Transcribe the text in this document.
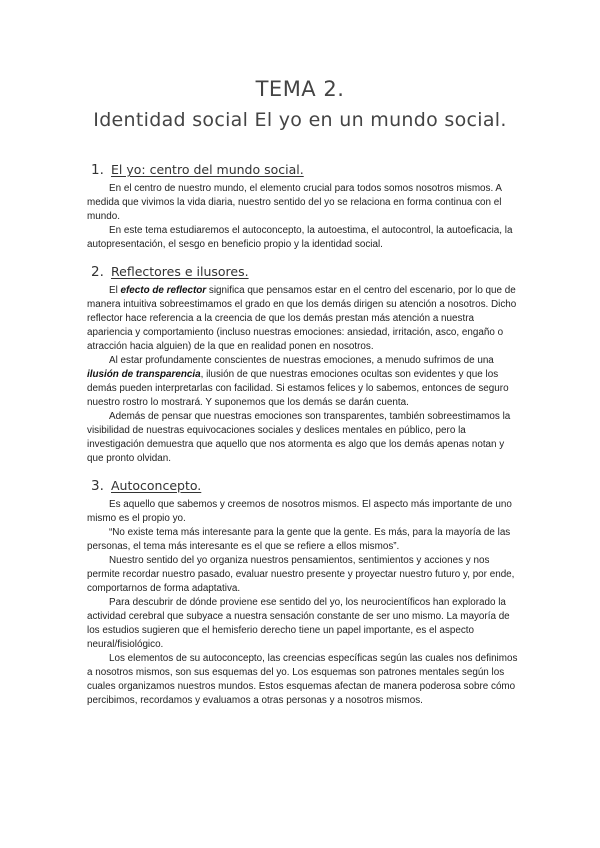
TEMA 2.
Identidad social El yo en un mundo social.
1. El yo: centro del mundo social.

En el centro de nuestro mundo, el elemento crucial para todos somos nosotros mismos. A medida que vivimos la vida diaria, nuestro sentido del yo se relaciona en forma continua con el mundo.

En este tema estudiaremos el autoconcepto, la autoestima, el autocontrol, la autoeficacia, la autopresentación, el sesgo en beneficio propio y la identidad social.

2. Reflectores e ilusores.

El efecto de reflector significa que pensamos estar en el centro del escenario, por lo que de manera intuitiva sobreestimamos el grado en que los demás dirigen su atención a nosotros. Dicho reflector hace referencia a la creencia de que los demás prestan más atención a nuestra apariencia y comportamiento (incluso nuestras emociones: ansiedad, irritación, asco, engaño o atracción hacia alguien) de la que en realidad ponen en nosotros.

Al estar profundamente conscientes de nuestras emociones, a menudo sufrimos de una ilusión de transparencia, ilusión de que nuestras emociones ocultas son evidentes y que los demás pueden interpretarlas con facilidad. Si estamos felices y lo sabemos, entonces de seguro nuestro rostro lo mostrará. Y suponemos que los demás se darán cuenta.

Además de pensar que nuestras emociones son transparentes, también sobreestimamos la visibilidad de nuestras equivocaciones sociales y deslices mentales en público, pero la investigación demuestra que aquello que nos atormenta es algo que los demás apenas notan y que pronto olvidan.

3. Autoconcepto.

Es aquello que sabemos y creemos de nosotros mismos. El aspecto más importante de uno mismo es el propio yo.

“No existe tema más interesante para la gente que la gente. Es más, para la mayoría de las personas, el tema más interesante es el que se refiere a ellos mismos”.

Nuestro sentido del yo organiza nuestros pensamientos, sentimientos y acciones y nos permite recordar nuestro pasado, evaluar nuestro presente y proyectar nuestro futuro y, por ende, comportarnos de forma adaptativa.

Para descubrir de dónde proviene ese sentido del yo, los neurocientíficos han explorado la actividad cerebral que subyace a nuestra sensación constante de ser uno mismo. La mayoría de los estudios sugieren que el hemisferio derecho tiene un papel importante, es el aspecto neural/fisiológico.

Los elementos de su autoconcepto, las creencias específicas según las cuales nos definimos a nosotros mismos, son sus esquemas del yo. Los esquemas son patrones mentales según los cuales organizamos nuestros mundos. Estos esquemas afectan de manera poderosa sobre cómo percibimos, recordamos y evaluamos a otras personas y a nosotros mismos.
